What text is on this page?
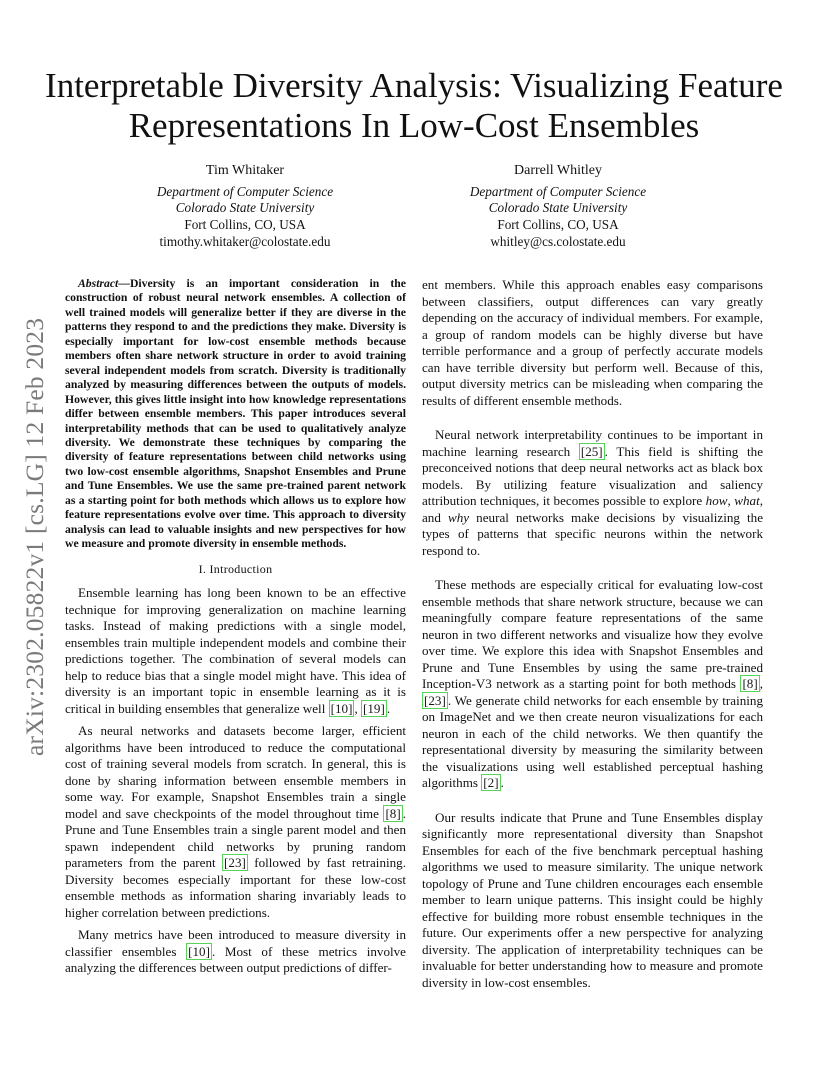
Interpretable Diversity Analysis: Visualizing Feature Representations In Low-Cost Ensembles
Tim Whitaker
Department of Computer Science
Colorado State University
Fort Collins, CO, USA
timothy.whitaker@colostate.edu
Darrell Whitley
Department of Computer Science
Colorado State University
Fort Collins, CO, USA
whitley@cs.colostate.edu
arXiv:2302.05822v1 [cs.LG] 12 Feb 2023

Abstract—Diversity is an important consideration in the construction of robust neural network ensembles. A collection of well trained models will generalize better if they are diverse in the patterns they respond to and the predictions they make. Diversity is especially important for low-cost ensemble methods because members often share network structure in order to avoid training several independent models from scratch. Diversity is traditionally analyzed by measuring differences between the outputs of models. However, this gives little insight into how knowledge representations differ between ensemble members. This paper introduces several interpretability methods that can be used to qualitatively analyze diversity. We demonstrate these techniques by comparing the diversity of feature representations between child networks using two low-cost ensemble algorithms, Snapshot Ensembles and Prune and Tune Ensembles. We use the same pre-trained parent network as a starting point for both methods which allows us to explore how feature representations evolve over time. This approach to diversity analysis can lead to valuable insights and new perspectives for how we measure and promote diversity in ensemble methods.

I. Introduction

Ensemble learning has long been known to be an effective technique for improving generalization on machine learning tasks. Instead of making predictions with a single model, ensembles train multiple independent models and combine their predictions together. The combination of several models can help to reduce bias that a single model might have. This idea of diversity is an important topic in ensemble learning as it is critical in building ensembles that generalize well [10] , [19] .

As neural networks and datasets become larger, efficient algorithms have been introduced to reduce the computational cost of training several models from scratch. In general, this is done by sharing information between ensemble members in some way. For example, Snapshot Ensembles train a single model and save checkpoints of the model throughout time [8] . Prune and Tune Ensembles train a single parent model and then spawn independent child networks by pruning random parameters from the parent [23] followed by fast retraining. Diversity becomes especially important for these low-cost ensemble methods as information sharing invariably leads to higher correlation between predictions.

Many metrics have been introduced to measure diversity in classifier ensembles [10] . Most of these metrics involve analyzing the differences between output predictions of differ-

ent members. While this approach enables easy comparisons between classifiers, output differences can vary greatly depending on the accuracy of individual members. For example, a group of random models can be highly diverse but have terrible performance and a group of perfectly accurate models can have terrible diversity but perform well. Because of this, output diversity metrics can be misleading when comparing the results of different ensemble methods.

Neural network interpretability continues to be important in machine learning research [25] . This field is shifting the preconceived notions that deep neural networks act as black box models. By utilizing feature visualization and saliency attribution techniques, it becomes possible to explore how, what, and why neural networks make decisions by visualizing the types of patterns that specific neurons within the network respond to.

These methods are especially critical for evaluating low-cost ensemble methods that share network structure, because we can meaningfully compare feature representations of the same neuron in two different networks and visualize how they evolve over time. We explore this idea with Snapshot Ensembles and Prune and Tune Ensembles by using the same pre-trained Inception-V3 network as a starting point for both methods [8] , [23] . We generate child networks for each ensemble by training on ImageNet and we then create neuron visualizations for each neuron in each of the child networks. We then quantify the representational diversity by measuring the similarity between the visualizations using well established perceptual hashing algorithms [2] .

Our results indicate that Prune and Tune Ensembles display significantly more representational diversity than Snapshot Ensembles for each of the five benchmark perceptual hashing algorithms we used to measure similarity. The unique network topology of Prune and Tune children encourages each ensemble member to learn unique patterns. This insight could be highly effective for building more robust ensemble techniques in the future. Our experiments offer a new perspective for analyzing diversity. The application of interpretability techniques can be invaluable for better understanding how to measure and promote diversity in low-cost ensembles.
